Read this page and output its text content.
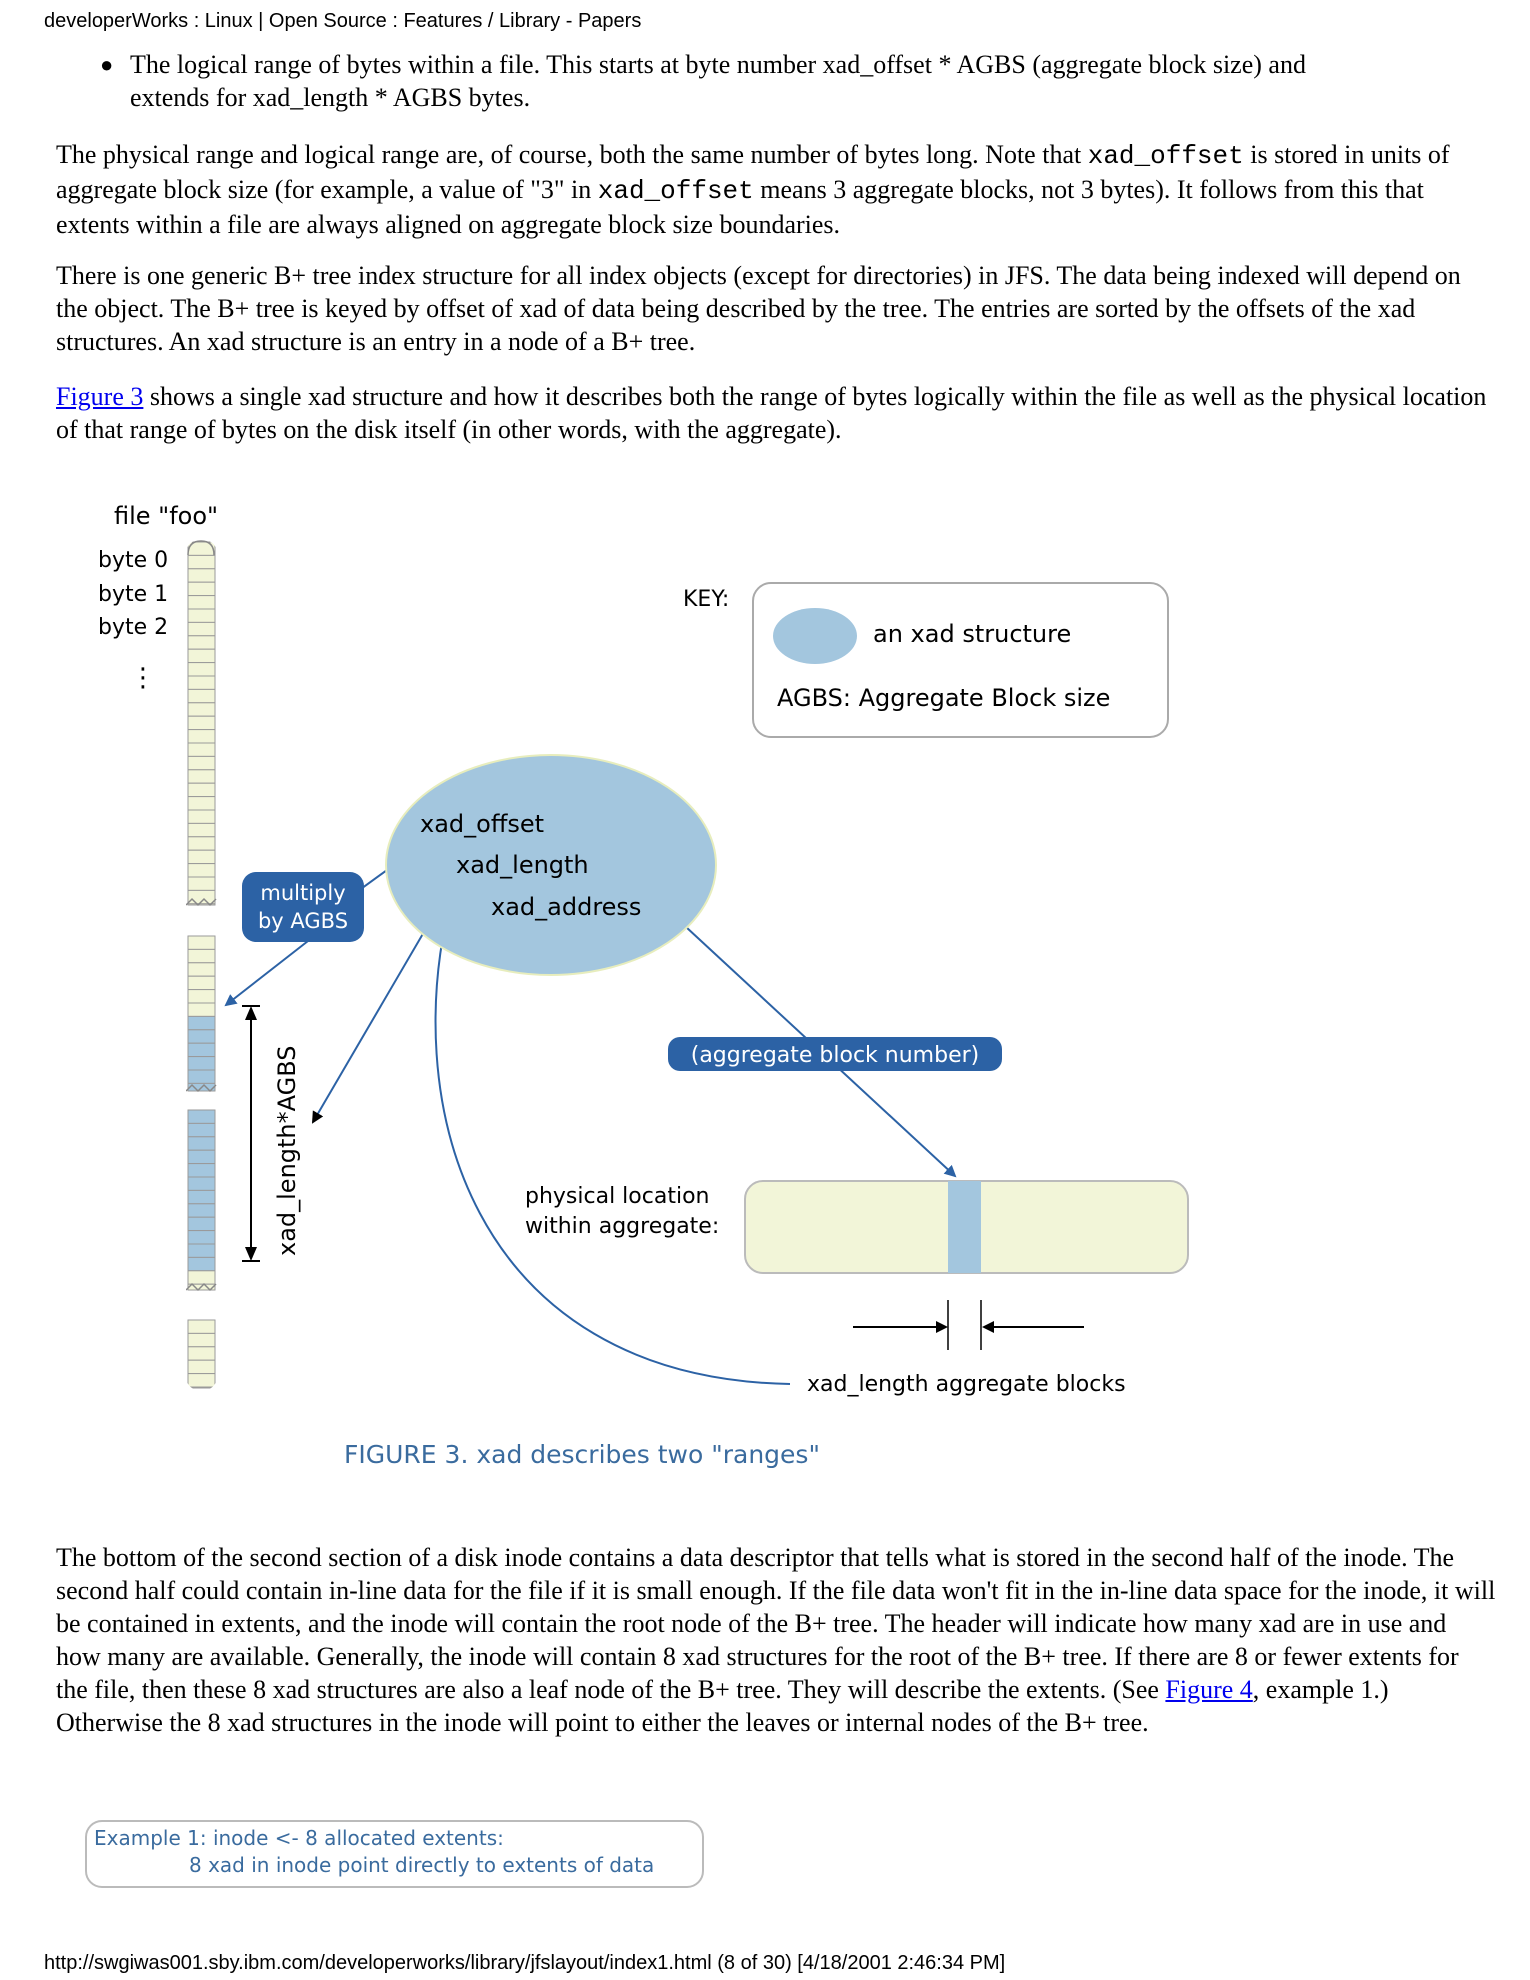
developerWorks : Linux | Open Source : Features / Library - Papers
● The logical range of bytes within a file. This starts at byte number xad_offset * AGBS (aggregate block size) and
extends for xad_length * AGBS bytes.

The physical range and logical range are, of course, both the same number of bytes long. Note that xad_offset is stored in units of aggregate block size (for example, a value of "3" in xad_offset means 3 aggregate blocks, not 3 bytes). It follows from this that extents within a file are always aligned on aggregate block size boundaries.

There is one generic B+ tree index structure for all index objects (except for directories) in JFS. The data being indexed will depend on the object. The B+ tree is keyed by offset of xad of data being described by the tree. The entries are sorted by the offsets of the xad structures. An xad structure is an entry in a node of a B+ tree.

Figure 3 shows a single xad structure and how it describes both the range of bytes logically within the file as well as the physical location of that range of bytes on the disk itself (in other words, with the aggregate).

file "foo"
byte 0
byte 1
byte 2
⋮
KEY:
an xad structure
AGBS: Aggregate Block size
xad_offset
xad_length
xad_address
multiply
by AGBS
xad_length*AGBS	(aggregate block number)
physical location
within aggregate:
xad_length aggregate blocks
FIGURE 3. xad describes two "ranges"
Example 1: inode <- 8 allocated extents:
8 xad in inode point directly to extents of data

The bottom of the second section of a disk inode contains a data descriptor that tells what is stored in the second half of the inode. The second half could contain in-line data for the file if it is small enough. If the file data won't fit in the in-line data space for the inode, it will be contained in extents, and the inode will contain the root node of the B+ tree. The header will indicate how many xad are in use and how many are available. Generally, the inode will contain 8 xad structures for the root of the B+ tree. If there are 8 or fewer extents for the file, then these 8 xad structures are also a leaf node of the B+ tree. They will describe the extents. (See Figure 4, example 1.) Otherwise the 8 xad structures in the inode will point to either the leaves or internal nodes of the B+ tree.

http://swgiwas001.sby.ibm.com/developerworks/library/jfslayout/index1.html (8 of 30) [4/18/2001 2:46:34 PM]
